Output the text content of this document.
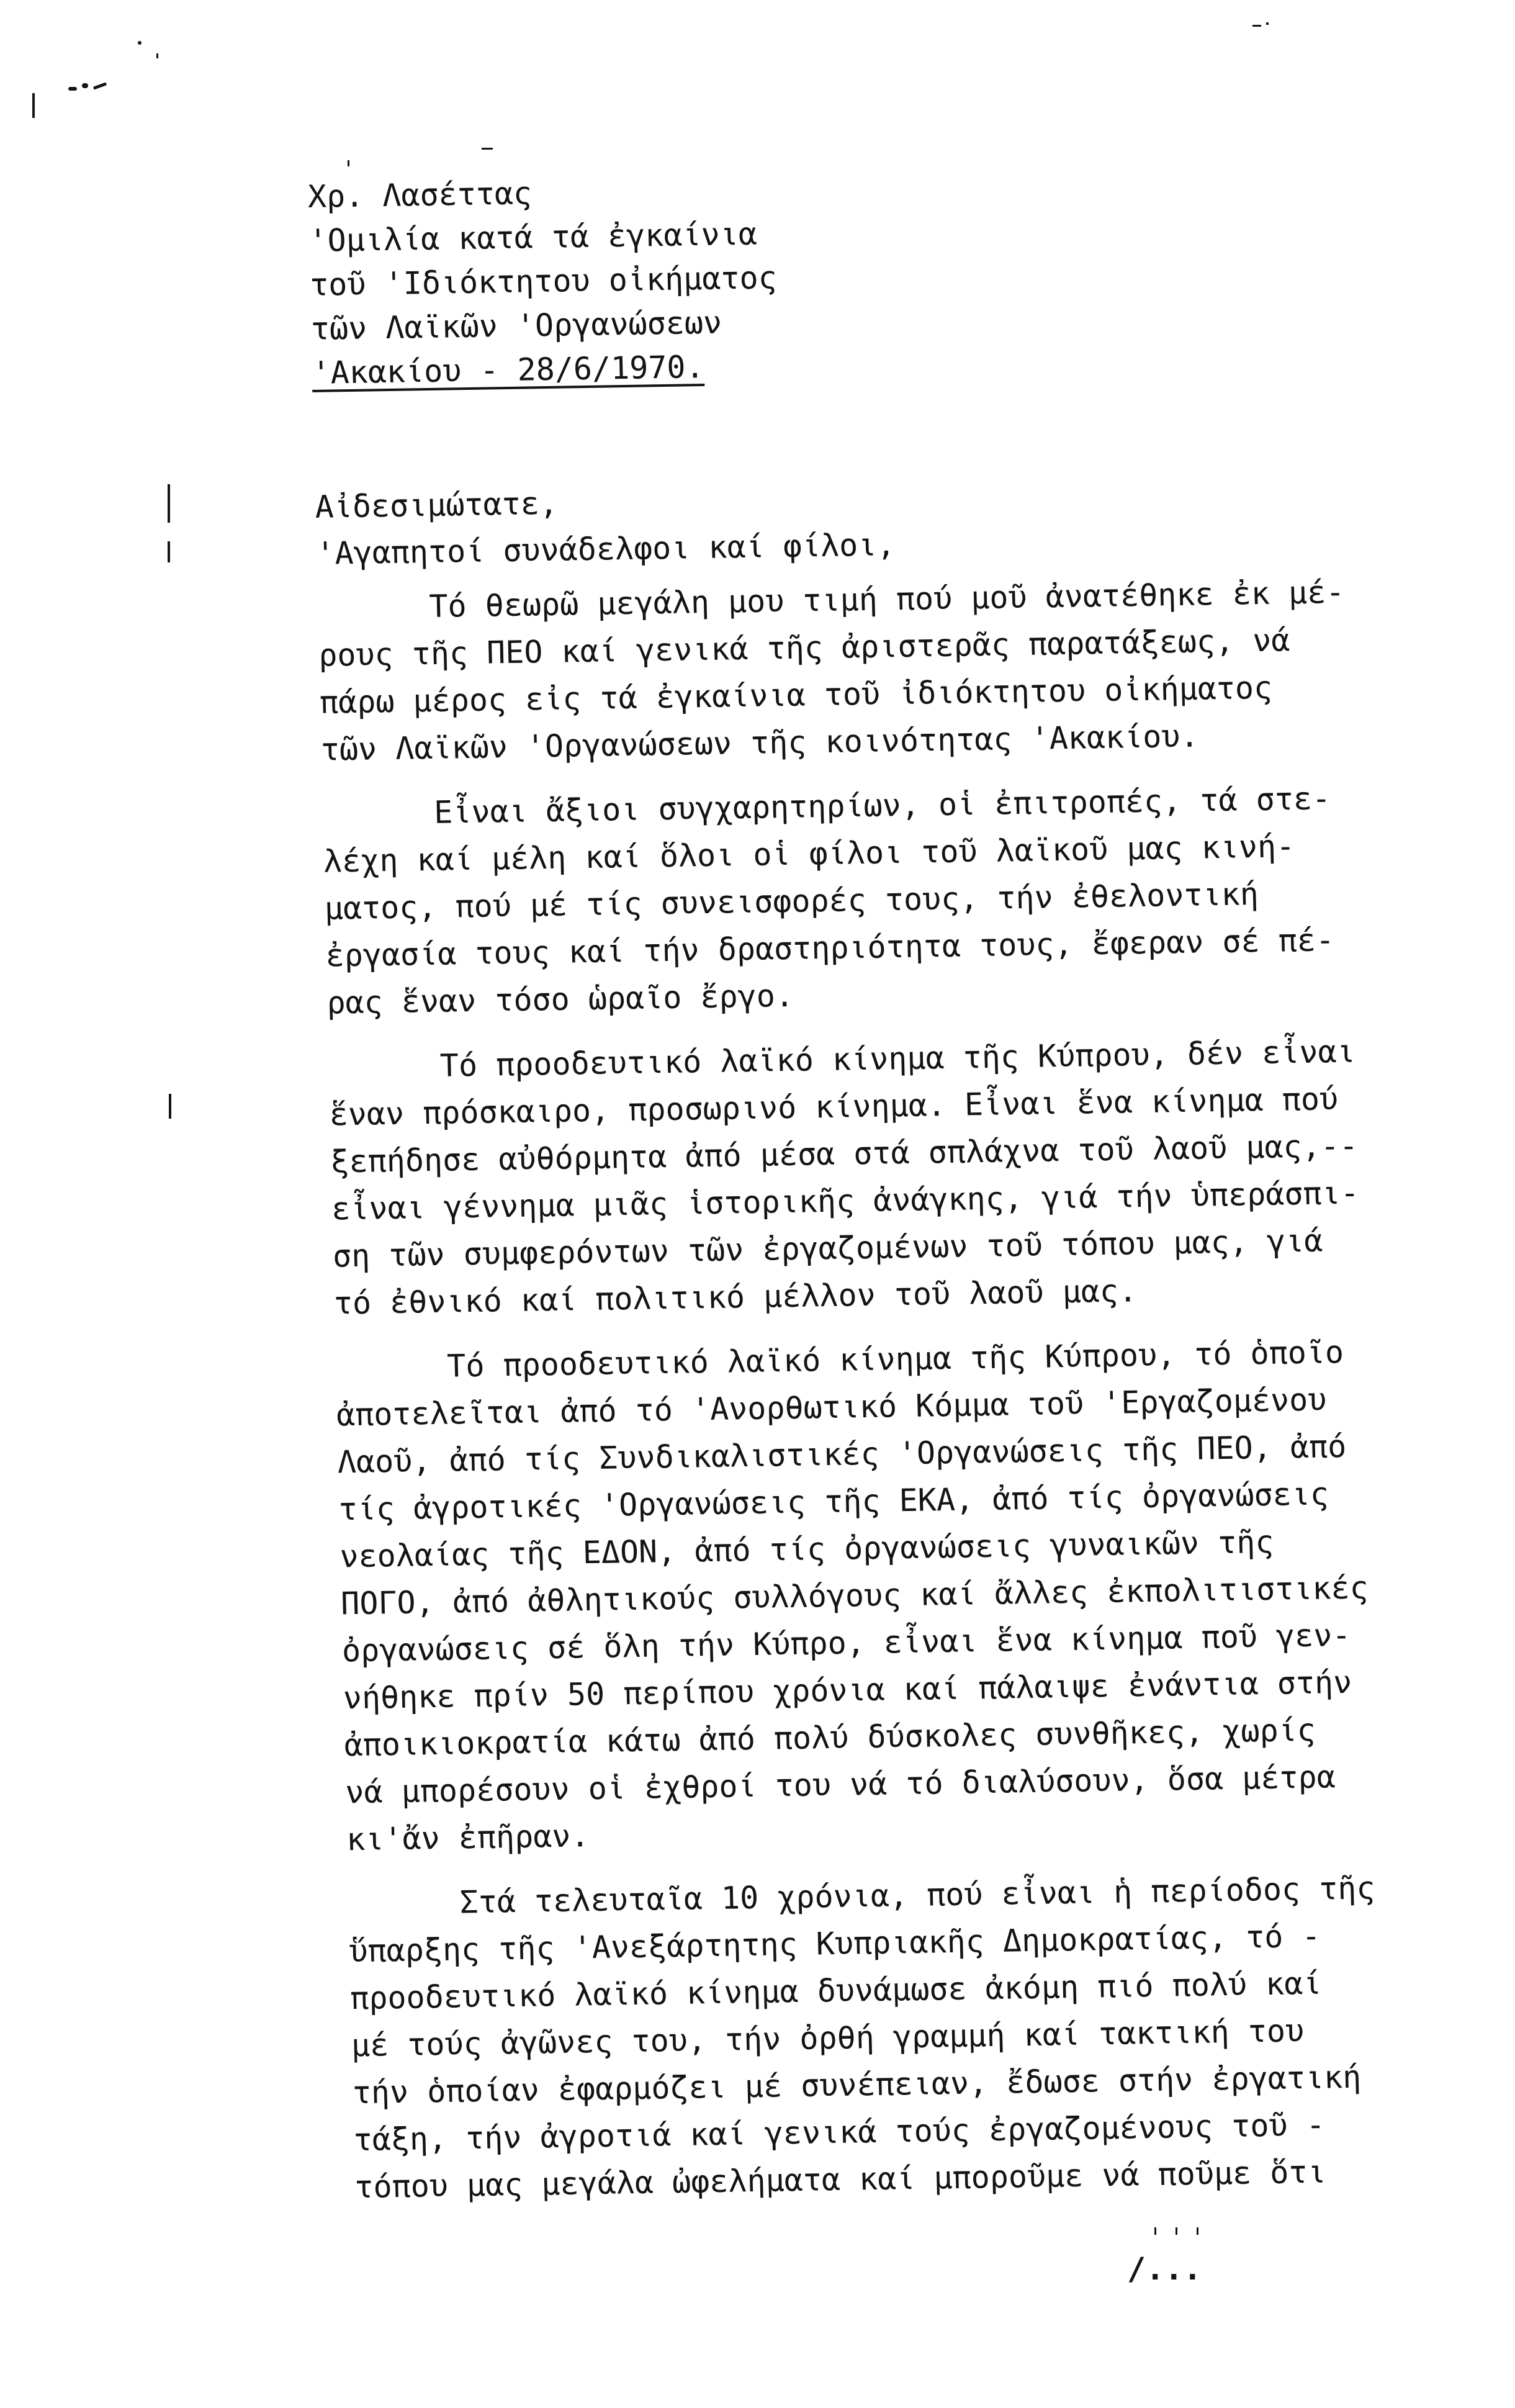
Χρ. Λασέττας
'Ομιλία κατά τά ἐγκαίνια
τοῦ 'Ιδιόκτητου οἰκήματος
τῶν Λαϊκῶν 'Οργανώσεων
'Ακακίου - 28/6/1970.
Αἰδεσιμώτατε,
'Αγαπητοί συνάδελφοι καί φίλοι,
Τό θεωρῶ μεγάλη μου τιμή πού μοῦ ἀνατέθηκε ἐκ μέ-
ρους τῆς ΠΕΟ καί γενικά τῆς ἀριστερᾶς παρατάξεως, νά
πάρω μέρος εἰς τά ἐγκαίνια τοῦ ἰδιόκτητου οἰκήματος
τῶν Λαϊκῶν 'Οργανώσεων τῆς κοινότητας 'Ακακίου.
Εἶναι ἄξιοι συγχαρητηρίων, οἱ ἐπιτροπές, τά στε-
λέχη καί μέλη καί ὅλοι οἱ φίλοι τοῦ λαϊκοῦ μας κινή-
ματος, πού μέ τίς συνεισφορές τους, τήν ἐθελοντική
ἐργασία τους καί τήν δραστηριότητα τους, ἔφεραν σέ πέ-
ρας ἕναν τόσο ὡραῖο ἔργο.
Τό προοδευτικό λαϊκό κίνημα τῆς Κύπρου, δέν εἶναι
ἕναν πρόσκαιρο, προσωρινό κίνημα. Εἶναι ἕνα κίνημα πού
ξεπήδησε αὐθόρμητα ἀπό μέσα στά σπλάχνα τοῦ λαοῦ μας,--
εἶναι γέννημα μιᾶς ἱστορικῆς ἀνάγκης, γιά τήν ὑπεράσπι-
ση τῶν συμφερόντων τῶν ἐργαζομένων τοῦ τόπου μας, γιά
τό ἐθνικό καί πολιτικό μέλλον τοῦ λαοῦ μας.
Τό προοδευτικό λαϊκό κίνημα τῆς Κύπρου, τό ὁποῖο
ἀποτελεῖται ἀπό τό 'Ανορθωτικό Κόμμα τοῦ 'Εργαζομένου
Λαοῦ, ἀπό τίς Συνδικαλιστικές 'Οργανώσεις τῆς ΠΕΟ, ἀπό
τίς ἀγροτικές 'Οργανώσεις τῆς ΕΚΑ, ἀπό τίς ὀργανώσεις
νεολαίας τῆς ΕΔΟΝ, ἀπό τίς ὀργανώσεις γυναικῶν τῆς
ΠΟΓΟ, ἀπό ἀθλητικούς συλλόγους καί ἄλλες ἐκπολιτιστικές
ὀργανώσεις σέ ὅλη τήν Κύπρο, εἶναι ἕνα κίνημα ποῦ γεν-
νήθηκε πρίν 50 περίπου χρόνια καί πάλαιψε ἐνάντια στήν
ἀποικιοκρατία κάτω ἀπό πολύ δύσκολες συνθῆκες, χωρίς
νά μπορέσουν οἱ ἐχθροί του νά τό διαλύσουν, ὅσα μέτρα
κι'ἄν ἐπῆραν.
Στά τελευταῖα 10 χρόνια, πού εἶναι ἡ περίοδος τῆς
ὕπαρξης τῆς 'Ανεξάρτητης Κυπριακῆς Δημοκρατίας, τό -
προοδευτικό λαϊκό κίνημα δυνάμωσε ἀκόμη πιό πολύ καί
μέ τούς ἀγῶνες του, τήν ὀρθή γραμμή καί τακτική του
τήν ὁποίαν ἐφαρμόζει μέ συνέπειαν, ἔδωσε στήν ἐργατική
τάξη, τήν ἀγροτιά καί γενικά τούς ἐργαζομένους τοῦ -
τόπου μας μεγάλα ὠφελήματα καί μποροῦμε νά ποῦμε ὅτι
/...
